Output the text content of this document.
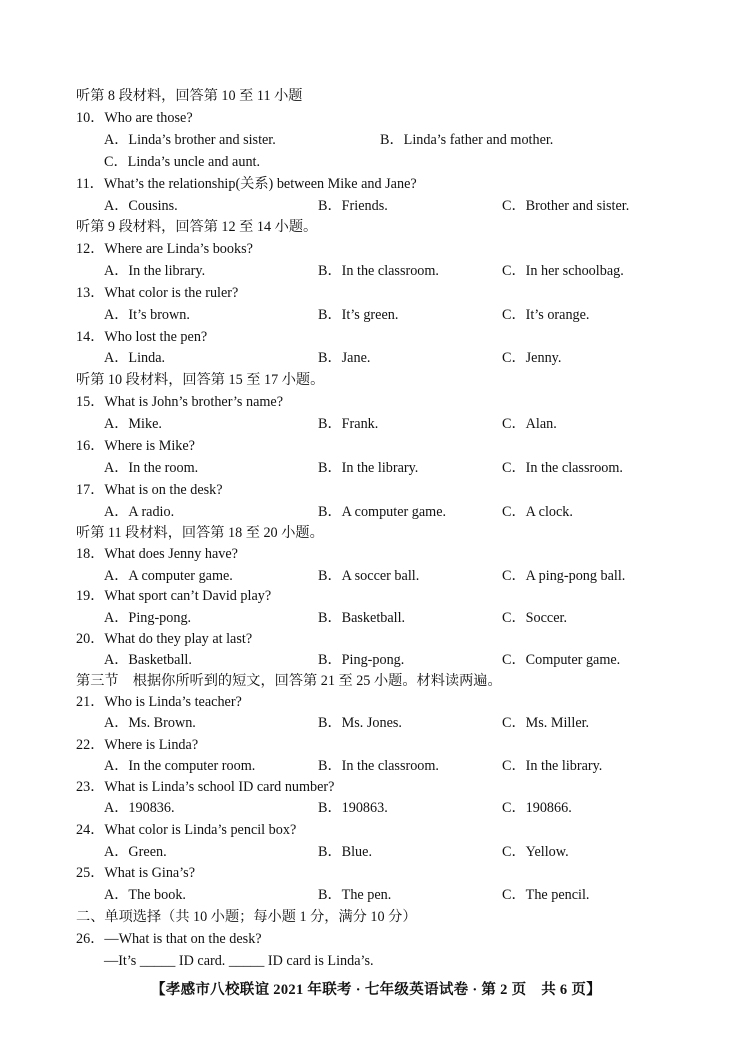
听第 8 段材料，回答第 10 至 11 小题
10．Who are those?
A．Linda’s brother and sister.	B．Linda’s father and mother.
C．Linda’s uncle and aunt.
11．What’s the relationship(关系) between Mike and Jane?
A．Cousins.	B．Friends.	C．Brother and sister.
听第 9 段材料，回答第 12 至 14 小题。
12．Where are Linda’s books?
A．In the library.	B．In the classroom.	C．In her schoolbag.
13．What color is the ruler?
A．It’s brown.	B．It’s green.	C．It’s orange.
14．Who lost the pen?
A．Linda.	B．Jane.	C．Jenny.
听第 10 段材料，回答第 15 至 17 小题。
15．What is John’s brother’s name?
A．Mike.	B．Frank.	C．Alan.
16．Where is Mike?
A．In the room.	B．In the library.	C．In the classroom.
17．What is on the desk?
A．A radio.	B．A computer game.	C．A clock.
听第 11 段材料，回答第 18 至 20 小题。
18．What does Jenny have?
A．A computer game.	B．A soccer ball.	C．A ping-pong ball.
19．What sport can’t David play?
A．Ping-pong.	B．Basketball.	C．Soccer.
20．What do they play at last?
A．Basketball.	B．Ping-pong.	C．Computer game.
第三节　根据你所听到的短文，回答第 21 至 25 小题。材料读两遍。
21．Who is Linda’s teacher?
A．Ms. Brown.	B．Ms. Jones.	C．Ms. Miller.
22．Where is Linda?
A．In the computer room.	B．In the classroom.	C．In the library.
23．What is Linda’s school ID card number?
A．190836.	B．190863.	C．190866.
24．What color is Linda’s pencil box?
A．Green.	B．Blue.	C．Yellow.
25．What is Gina’s?
A．The book.	B．The pen.	C．The pencil.
二、单项选择（共 10 小题；每小题 1 分，满分 10 分）
26．—What is that on the desk?
—It’s _____ ID card. _____ ID card is Linda’s.
【孝感市八校联谊 2021 年联考 · 七年级英语试卷 · 第 2 页　共 6 页】
